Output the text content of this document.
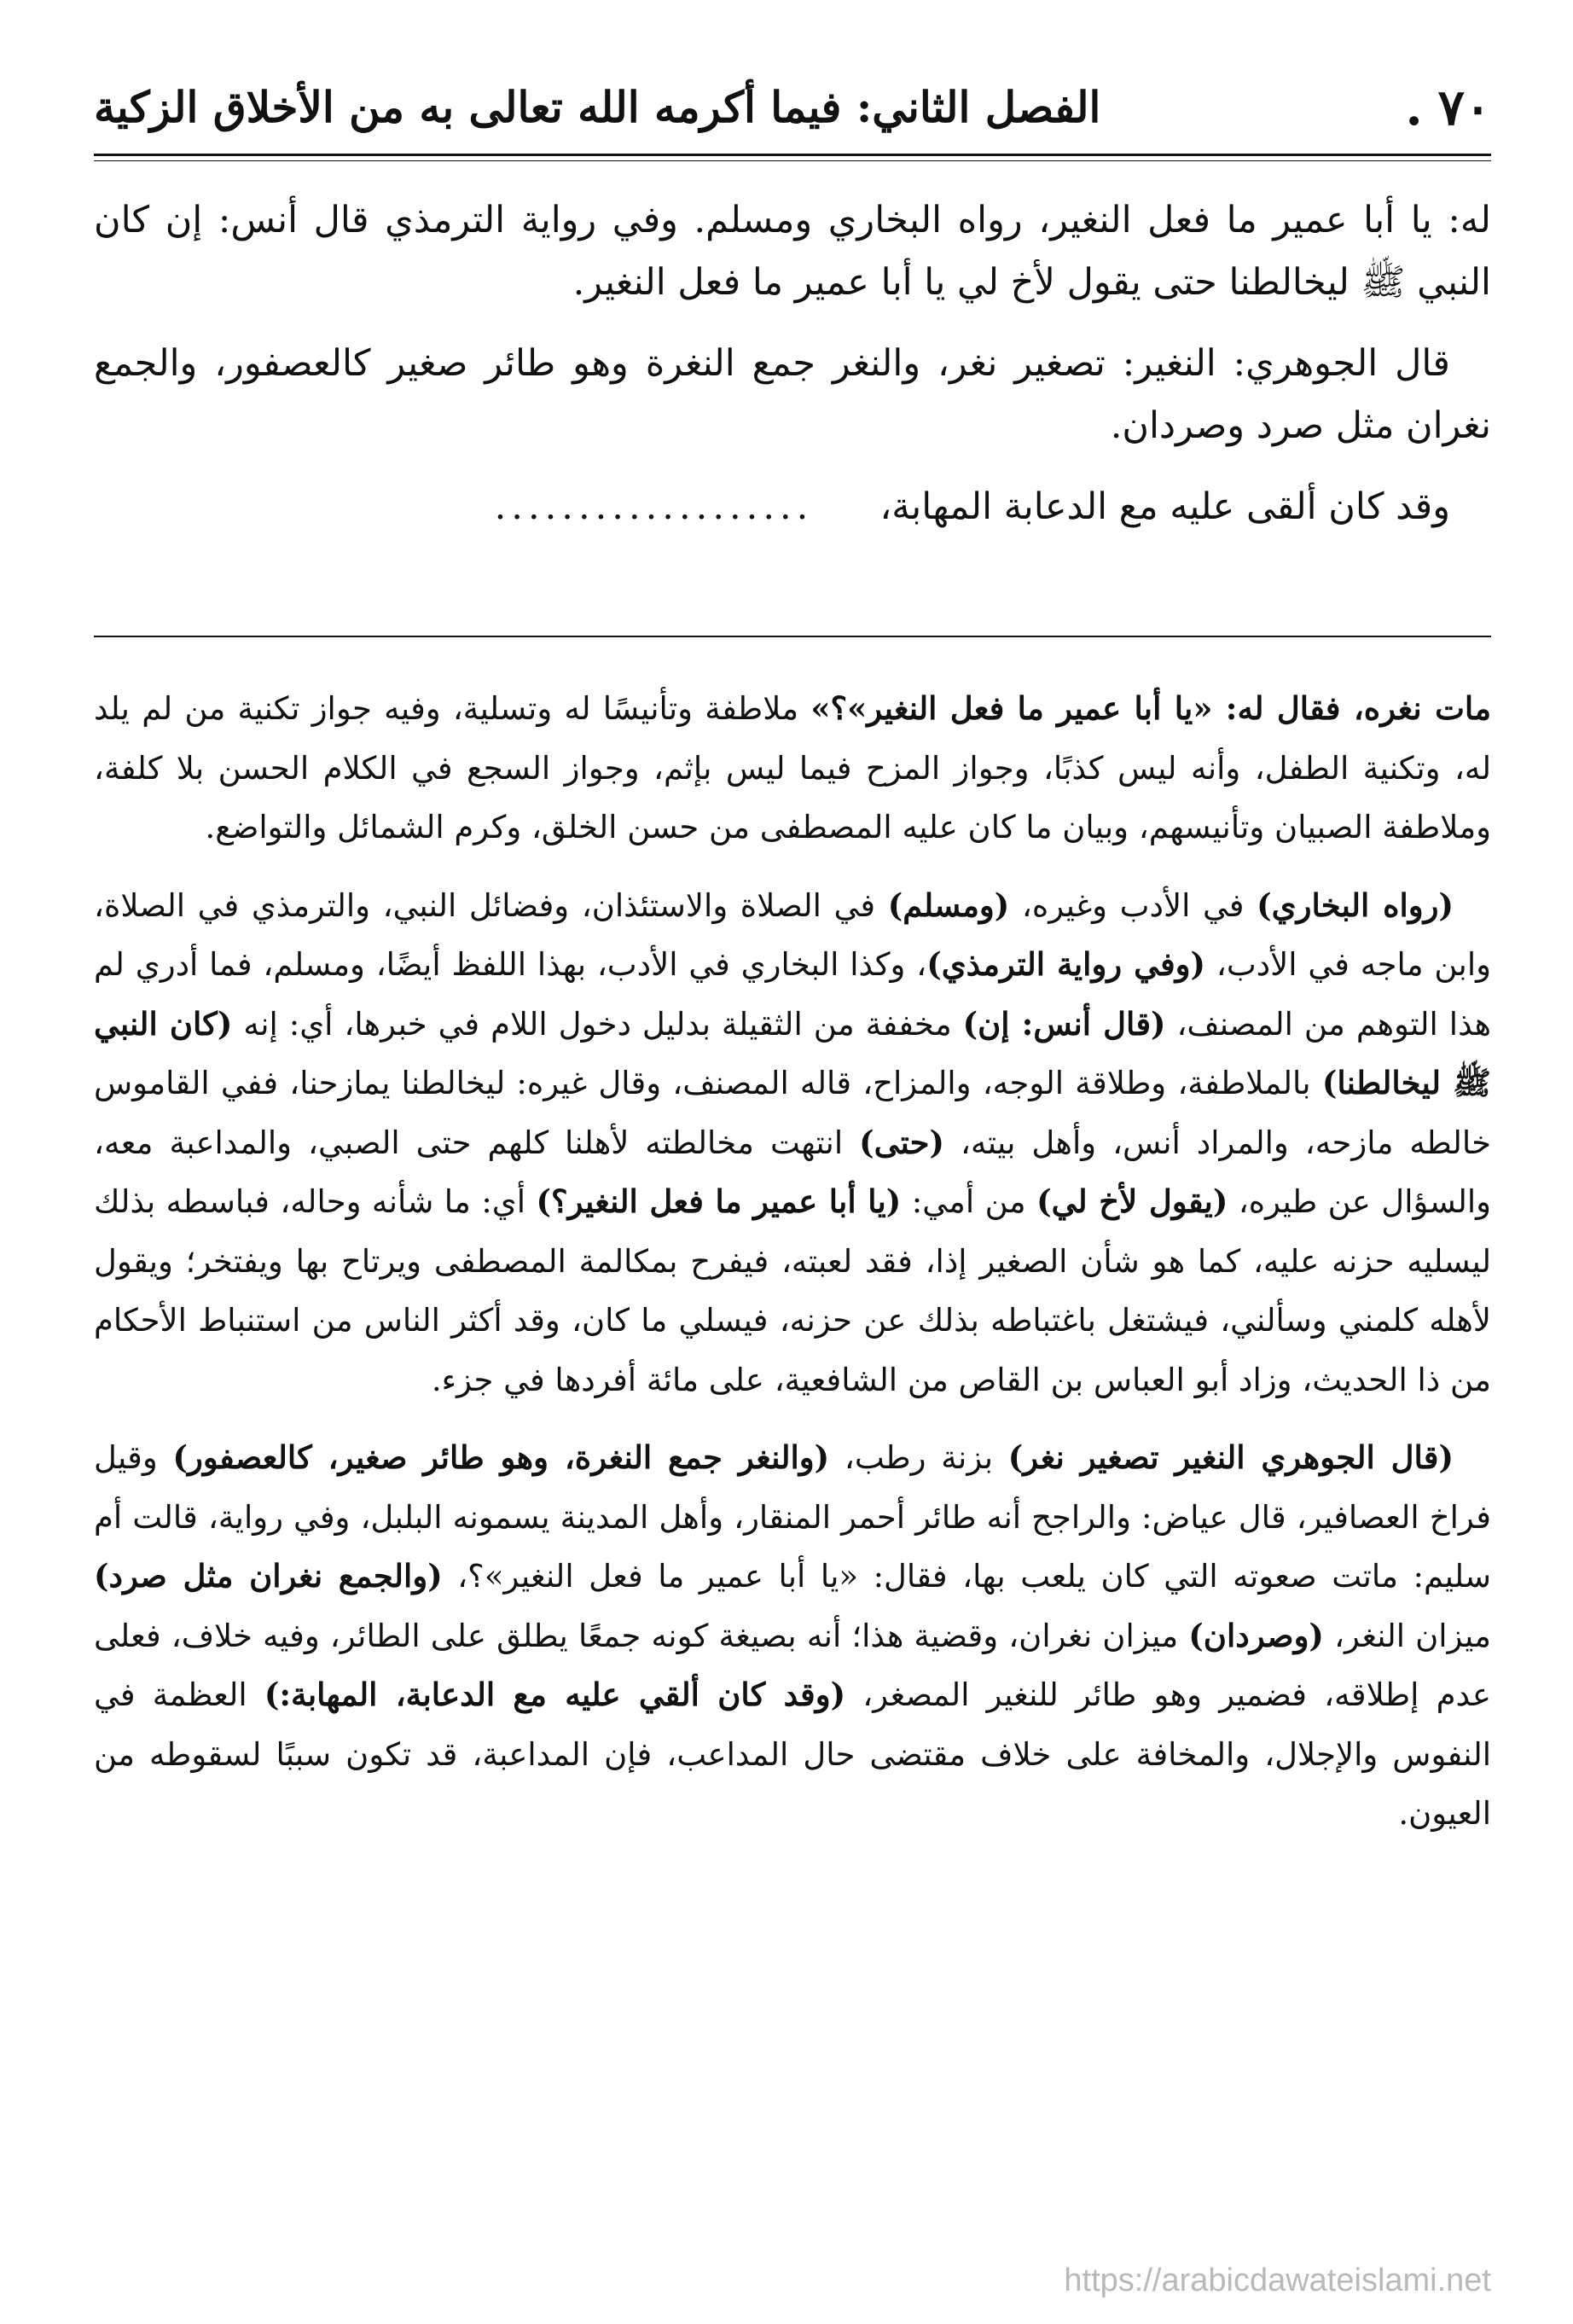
٧٠.
الفصل الثاني: فيما أكرمه الله تعالى به من الأخلاق الزكية

له: يا أبا عمير ما فعل النغير، رواه البخاري ومسلم. وفي رواية الترمذي قال أنس: إن كان النبي ﷺ ليخالطنا حتى يقول لأخ لي يا أبا عمير ما فعل النغير.

قال الجوهري: النغير: تصغير نغر، والنغر جمع النغرة وهو طائر صغير كالعصفور، والجمع نغران مثل صرد وصردان.

وقد كان ألقى عليه مع الدعابة المهابة،...................

مات نغره، فقال له: «يا أبا عمير ما فعل النغير»؟» ملاطفة وتأنيسًا له وتسلية، وفيه جواز تكنية من لم يلد له، وتكنية الطفل، وأنه ليس كذبًا، وجواز المزح فيما ليس بإثم، وجواز السجع في الكلام الحسن بلا كلفة، وملاطفة الصبيان وتأنيسهم، وبيان ما كان عليه المصطفى من حسن الخلق، وكرم الشمائل والتواضع.

(رواه البخاري) في الأدب وغيره، (ومسلم) في الصلاة والاستئذان، وفضائل النبي، والترمذي في الصلاة، وابن ماجه في الأدب، (وفي رواية الترمذي)، وكذا البخاري في الأدب، بهذا اللفظ أيضًا، ومسلم، فما أدري لم هذا التوهم من المصنف، (قال أنس: إن) مخففة من الثقيلة بدليل دخول اللام في خبرها، أي: إنه (كان النبي ﷺ ليخالطنا) بالملاطفة، وطلاقة الوجه، والمزاح، قاله المصنف، وقال غيره: ليخالطنا يمازحنا، ففي القاموس خالطه مازحه، والمراد أنس، وأهل بيته، (حتى) انتهت مخالطته لأهلنا كلهم حتى الصبي، والمداعبة معه، والسؤال عن طيره، (يقول لأخ لي) من أمي: (يا أبا عمير ما فعل النغير؟) أي: ما شأنه وحاله، فباسطه بذلك ليسليه حزنه عليه، كما هو شأن الصغير إذا، فقد لعبته، فيفرح بمكالمة المصطفى ويرتاح بها ويفتخر؛ ويقول لأهله كلمني وسألني، فيشتغل باغتباطه بذلك عن حزنه، فيسلي ما كان، وقد أكثر الناس من استنباط الأحكام من ذا الحديث، وزاد أبو العباس بن القاص من الشافعية، على مائة أفردها في جزء.

(قال الجوهري النغير تصغير نغر) بزنة رطب، (والنغر جمع النغرة، وهو طائر صغير، كالعصفور) وقيل فراخ العصافير، قال عياض: والراجح أنه طائر أحمر المنقار، وأهل المدينة يسمونه البلبل، وفي رواية، قالت أم سليم: ماتت صعوته التي كان يلعب بها، فقال: «يا أبا عمير ما فعل النغير»؟، (والجمع نغران مثل صرد) ميزان النغر، (وصردان) ميزان نغران، وقضية هذا؛ أنه بصيغة كونه جمعًا يطلق على الطائر، وفيه خلاف، فعلى عدم إطلاقه، فضمير وهو طائر للنغير المصغر، (وقد كان ألقي عليه مع الدعابة، المهابة:) العظمة في النفوس والإجلال، والمخافة على خلاف مقتضى حال المداعب، فإن المداعبة، قد تكون سببًا لسقوطه من العيون.

https://arabicdawateislami.net
